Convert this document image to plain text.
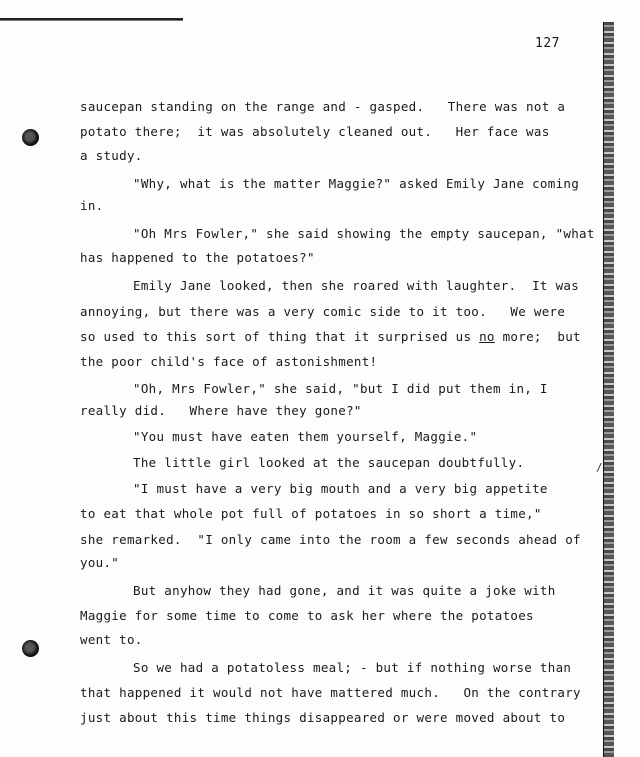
127
saucepan standing on the range and - gasped.   There was not a
potato there;  it was absolutely cleaned out.   Her face was
a study.
"Why, what is the matter Maggie?" asked Emily Jane coming
in.
"Oh Mrs Fowler," she said showing the empty saucepan, "what
has happened to the potatoes?"
Emily Jane looked, then she roared with laughter.  It was
annoying, but there was a very comic side to it too.   We were
so used to this sort of thing that it surprised us no more;  but
the poor child's face of astonishment!
"Oh, Mrs Fowler," she said, "but I did put them in, I
really did.   Where have they gone?"
"You must have eaten them yourself, Maggie."
The little girl looked at the saucepan doubtfully.
"I must have a very big mouth and a very big appetite
to eat that whole pot full of potatoes in so short a time,"
she remarked.  "I only came into the room a few seconds ahead of
you."
But anyhow they had gone, and it was quite a joke with
Maggie for some time to come to ask her where the potatoes
went to.
So we had a potatoless meal; - but if nothing worse than
that happened it would not have mattered much.   On the contrary
just about this time things disappeared or were moved about to
/
